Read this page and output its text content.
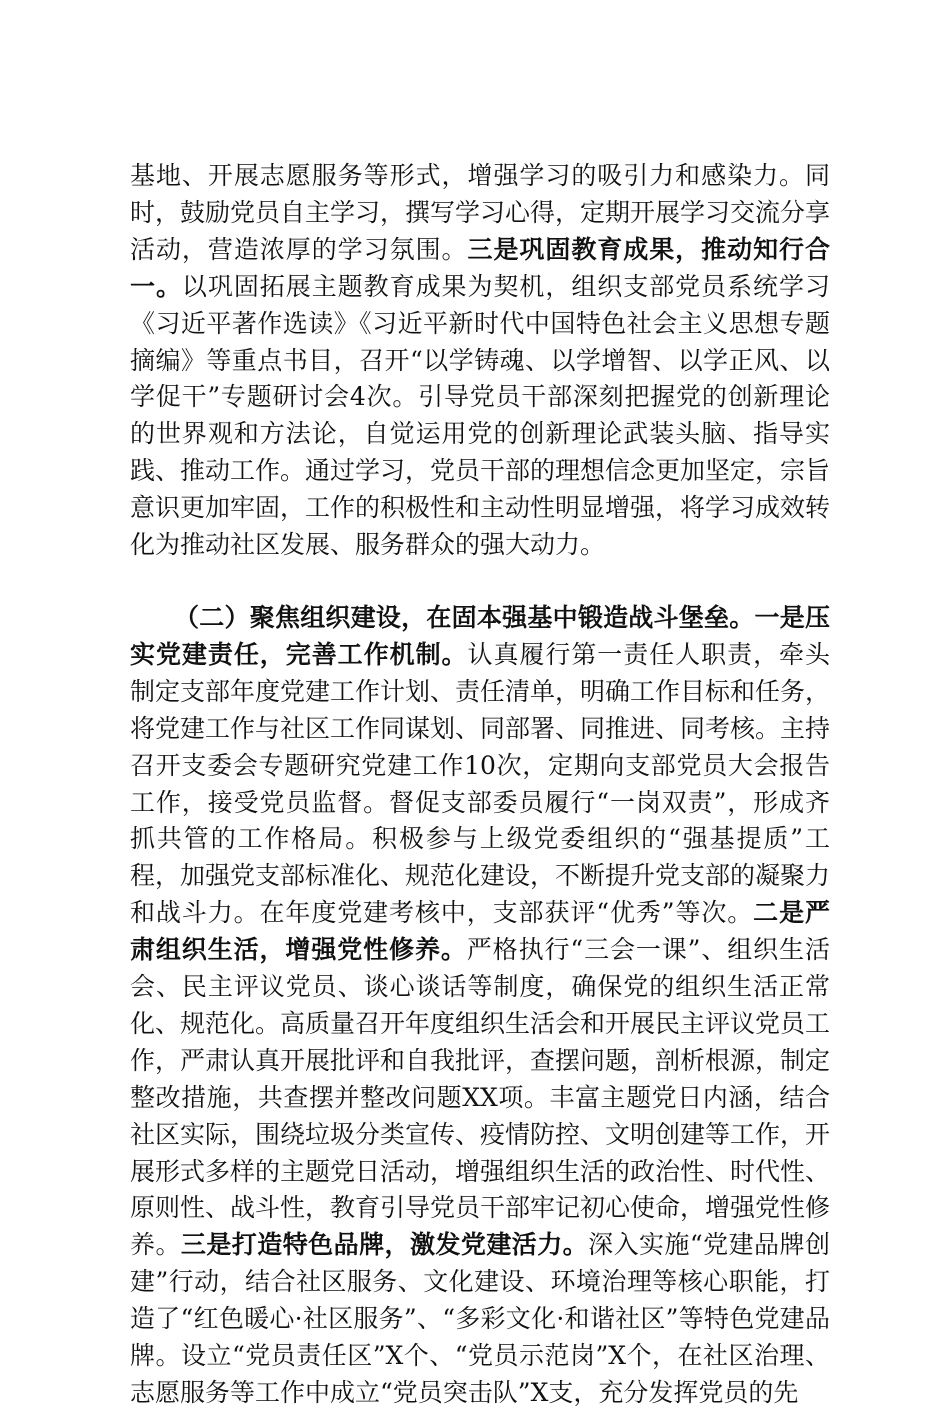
基地、开展志愿服务等形式，增强学习的吸引力和感染力。同时，鼓励党员自主学习，撰写学习心得，定期开展学习交流分享活动，营造浓厚的学习氛围。三是巩固教育成果，推动知行合一。以巩固拓展主题教育成果为契机，组织支部党员系统学习《习近平著作选读》《习近平新时代中国特色社会主义思想专题摘编》等重点书目，召开“以学铸魂、以学增智、以学正风、以学促干”专题研讨会4次。引导党员干部深刻把握党的创新理论的世界观和方法论，自觉运用党的创新理论武装头脑、指导实践、推动工作。通过学习，党员干部的理想信念更加坚定，宗旨意识更加牢固，工作的积极性和主动性明显增强，将学习成效转化为推动社区发展、服务群众的强大动力。

（二）聚焦组织建设，在固本强基中锻造战斗堡垒。一是压实党建责任，完善工作机制。认真履行第一责任人职责，牵头制定支部年度党建工作计划、责任清单，明确工作目标和任务，将党建工作与社区工作同谋划、同部署、同推进、同考核。主持召开支委会专题研究党建工作10次，定期向支部党员大会报告工作，接受党员监督。督促支部委员履行“一岗双责”，形成齐抓共管的工作格局。积极参与上级党委组织的“强基提质”工程，加强党支部标准化、规范化建设，不断提升党支部的凝聚力和战斗力。在年度党建考核中，支部获评“优秀”等次。二是严肃组织生活，增强党性修养。严格执行“三会一课”、组织生活会、民主评议党员、谈心谈话等制度，确保党的组织生活正常化、规范化。高质量召开年度组织生活会和开展民主评议党员工作，严肃认真开展批评和自我批评，查摆问题，剖析根源，制定整改措施，共查摆并整改问题XX项。丰富主题党日内涵，结合社区实际，围绕垃圾分类宣传、疫情防控、文明创建等工作，开展形式多样的主题党日活动，增强组织生活的政治性、时代性、原则性、战斗性，教育引导党员干部牢记初心使命，增强党性修养。三是打造特色品牌，激发党建活力。深入实施“党建品牌创建”行动，结合社区服务、文化建设、环境治理等核心职能，打造了“红色暖心·社区服务”、“多彩文化·和谐社区”等特色党建品牌。设立“党员责任区”X个、“党员示范岗”X个，在社区治理、志愿服务等工作中成立“党员突击队”X支，充分发挥党员的先
